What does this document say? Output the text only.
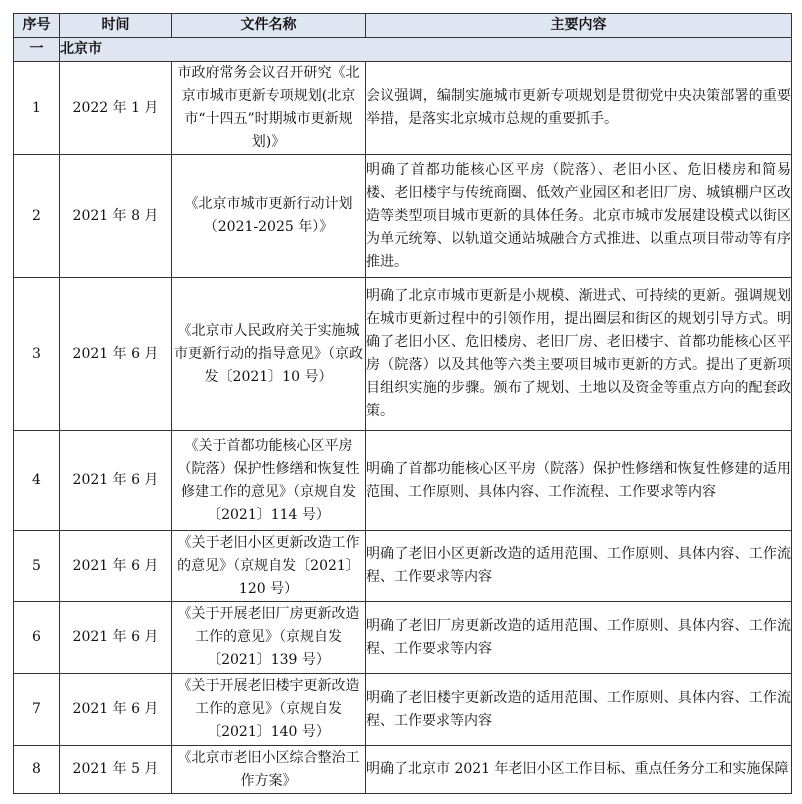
序号	时间	文件名称	主要内容
一	北京市		
1	2022 年 1 月	市政府常务会议召开研究《北京市城市更新专项规划(北京市“十四五”时期城市更新规划)》	会议强调，编制实施城市更新专项规划是贯彻党中央决策部署的重要举措，是落实北京城市总规的重要抓手。
2	2021 年 8 月	《北京市城市更新行动计划（2021-2025 年）》	明确了首都功能核心区平房（院落）、老旧小区、危旧楼房和简易楼、老旧楼宇与传统商圈、低效产业园区和老旧厂房、城镇棚户区改造等类型项目城市更新的具体任务。北京市城市发展建设模式以街区为单元统筹、以轨道交通站城融合方式推进、以重点项目带动等有序推进。
3	2021 年 6 月	《北京市人民政府关于实施城市更新行动的指导意见》（京政发〔2021〕10 号）	明确了北京市城市更新是小规模、渐进式、可持续的更新。强调规划在城市更新过程中的引领作用，提出圈层和街区的规划引导方式。明确了老旧小区、危旧楼房、老旧厂房、老旧楼宇、首都功能核心区平房（院落）以及其他等六类主要项目城市更新的方式。提出了更新项目组织实施的步骤。颁布了规划、土地以及资金等重点方向的配套政策。
4	2021 年 6 月	《关于首都功能核心区平房（院落）保护性修缮和恢复性修建工作的意见》（京规自发〔2021〕114 号）	明确了首都功能核心区平房（院落）保护性修缮和恢复性修建的适用范围、工作原则、具体内容、工作流程、工作要求等内容
5	2021 年 6 月	《关于老旧小区更新改造工作的意见》（京规自发〔2021〕120 号）	明确了老旧小区更新改造的适用范围、工作原则、具体内容、工作流程、工作要求等内容
6	2021 年 6 月	《关于开展老旧厂房更新改造工作的意见》（京规自发〔2021〕139 号）	明确了老旧厂房更新改造的适用范围、工作原则、具体内容、工作流程、工作要求等内容
7	2021 年 6 月	《关于开展老旧楼宇更新改造工作的意见》（京规自发〔2021〕140 号）	明确了老旧楼宇更新改造的适用范围、工作原则、具体内容、工作流程、工作要求等内容
8	2021 年 5 月	《北京市老旧小区综合整治工作方案》	明确了北京市 2021 年老旧小区工作目标、重点任务分工和实施保障
